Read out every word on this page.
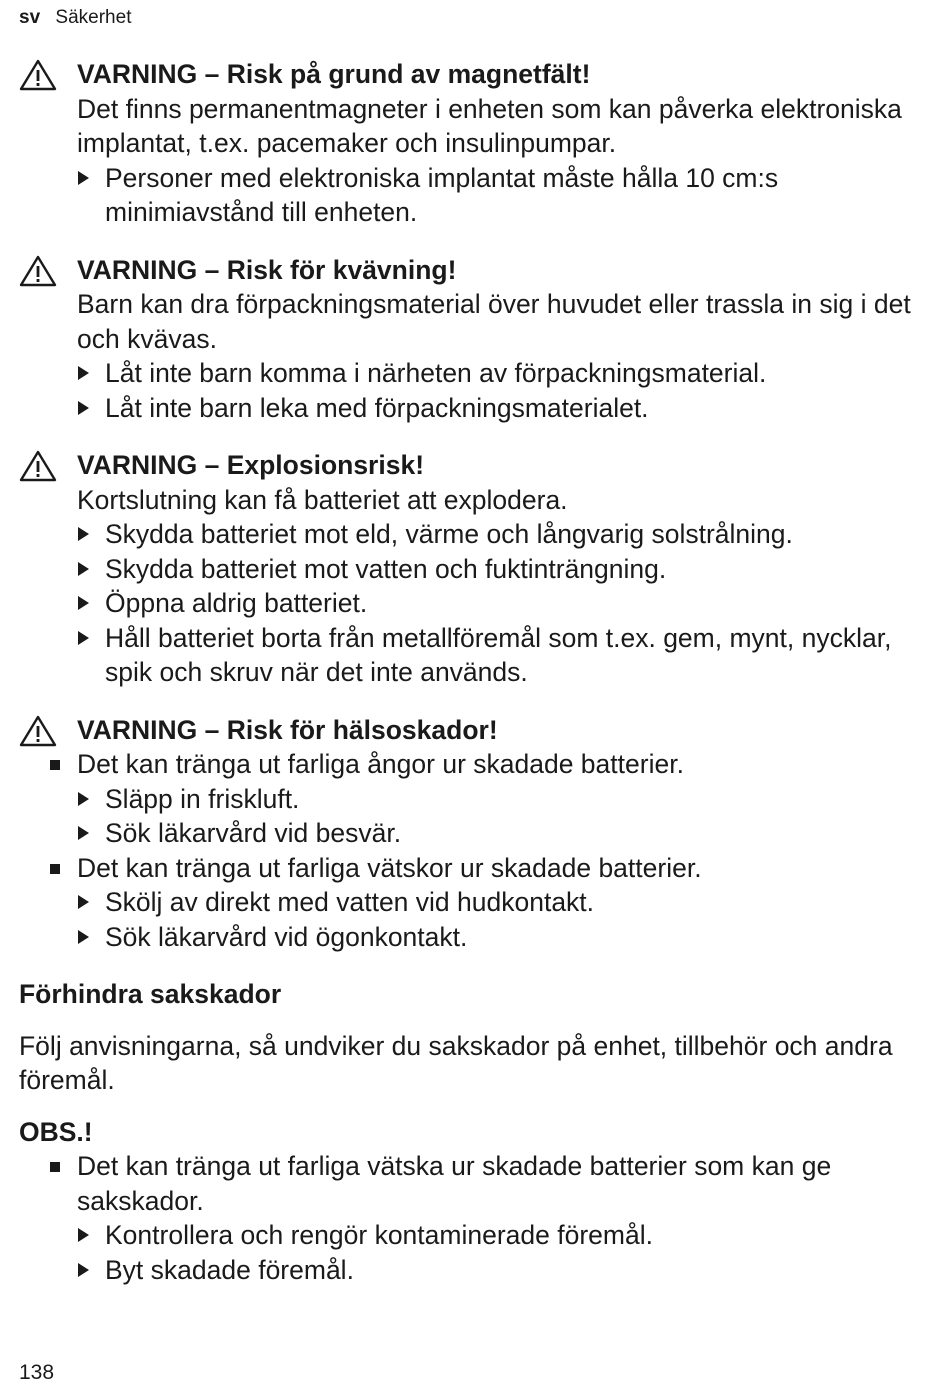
sv Säkerhet
VARNING – Risk på grund av magnetfält!
Det finns permanentmagneter i enheten som kan påverka elektroniska implantat, t.ex. pacemaker och insulinpumpar.
Personer med elektroniska implantat måste hålla 10 cm:s minimiavstånd till enheten.
VARNING – Risk för kvävning!
Barn kan dra förpackningsmaterial över huvudet eller trassla in sig i det och kvävas.
Låt inte barn komma i närheten av förpackningsmaterial.
Låt inte barn leka med förpackningsmaterialet.
VARNING – Explosionsrisk!
Kortslutning kan få batteriet att explodera.
Skydda batteriet mot eld, värme och långvarig solstrålning.
Skydda batteriet mot vatten och fuktinträngning.
Öppna aldrig batteriet.
Håll batteriet borta från metallföremål som t.ex. gem, mynt, nycklar, spik och skruv när det inte används.
VARNING – Risk för hälsoskador!
Det kan tränga ut farliga ångor ur skadade batterier.
Släpp in friskluft.
Sök läkarvård vid besvär.
Det kan tränga ut farliga vätskor ur skadade batterier.
Skölj av direkt med vatten vid hudkontakt.
Sök läkarvård vid ögonkontakt.
Förhindra sakskador
Följ anvisningarna, så undviker du sakskador på enhet, tillbehör och andra föremål.
OBS.!
Det kan tränga ut farliga vätska ur skadade batterier som kan ge sakskador.
Kontrollera och rengör kontaminerade föremål.
Byt skadade föremål.
138
